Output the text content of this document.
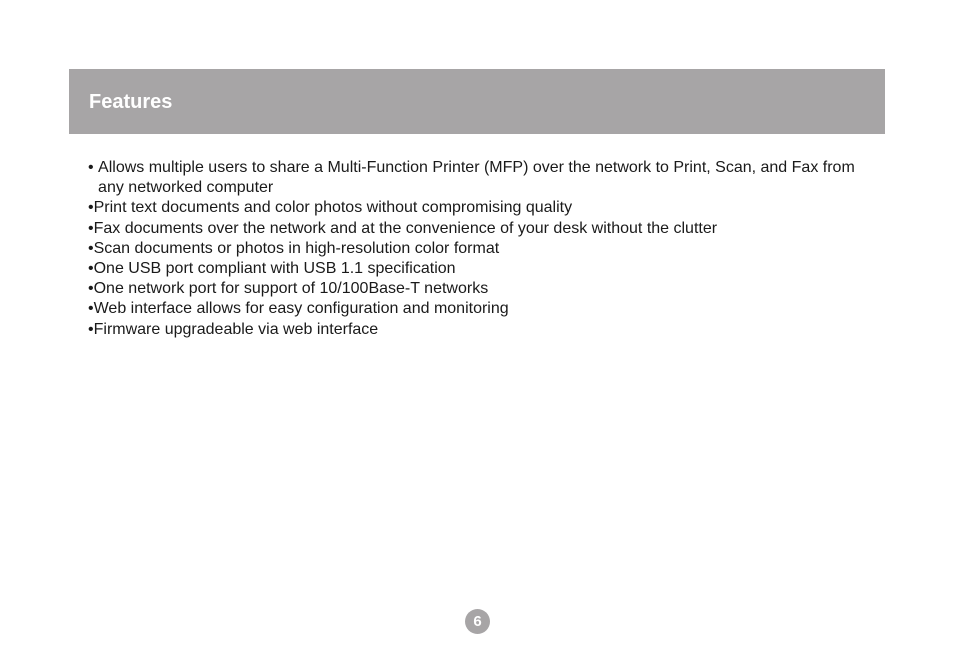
Features
• Allows multiple users to share a Multi-Function Printer (MFP) over the network to Print, Scan, and Fax from any networked computer
• Print text documents and color photos without compromising quality
• Fax documents over the network and at the convenience of your desk without the clutter
• Scan documents or photos in high-resolution color format
• One USB port compliant with USB 1.1 specification
• One network port for support of 10/100Base-T networks
• Web interface allows for easy configuration and monitoring
• Firmware upgradeable via web interface
6
